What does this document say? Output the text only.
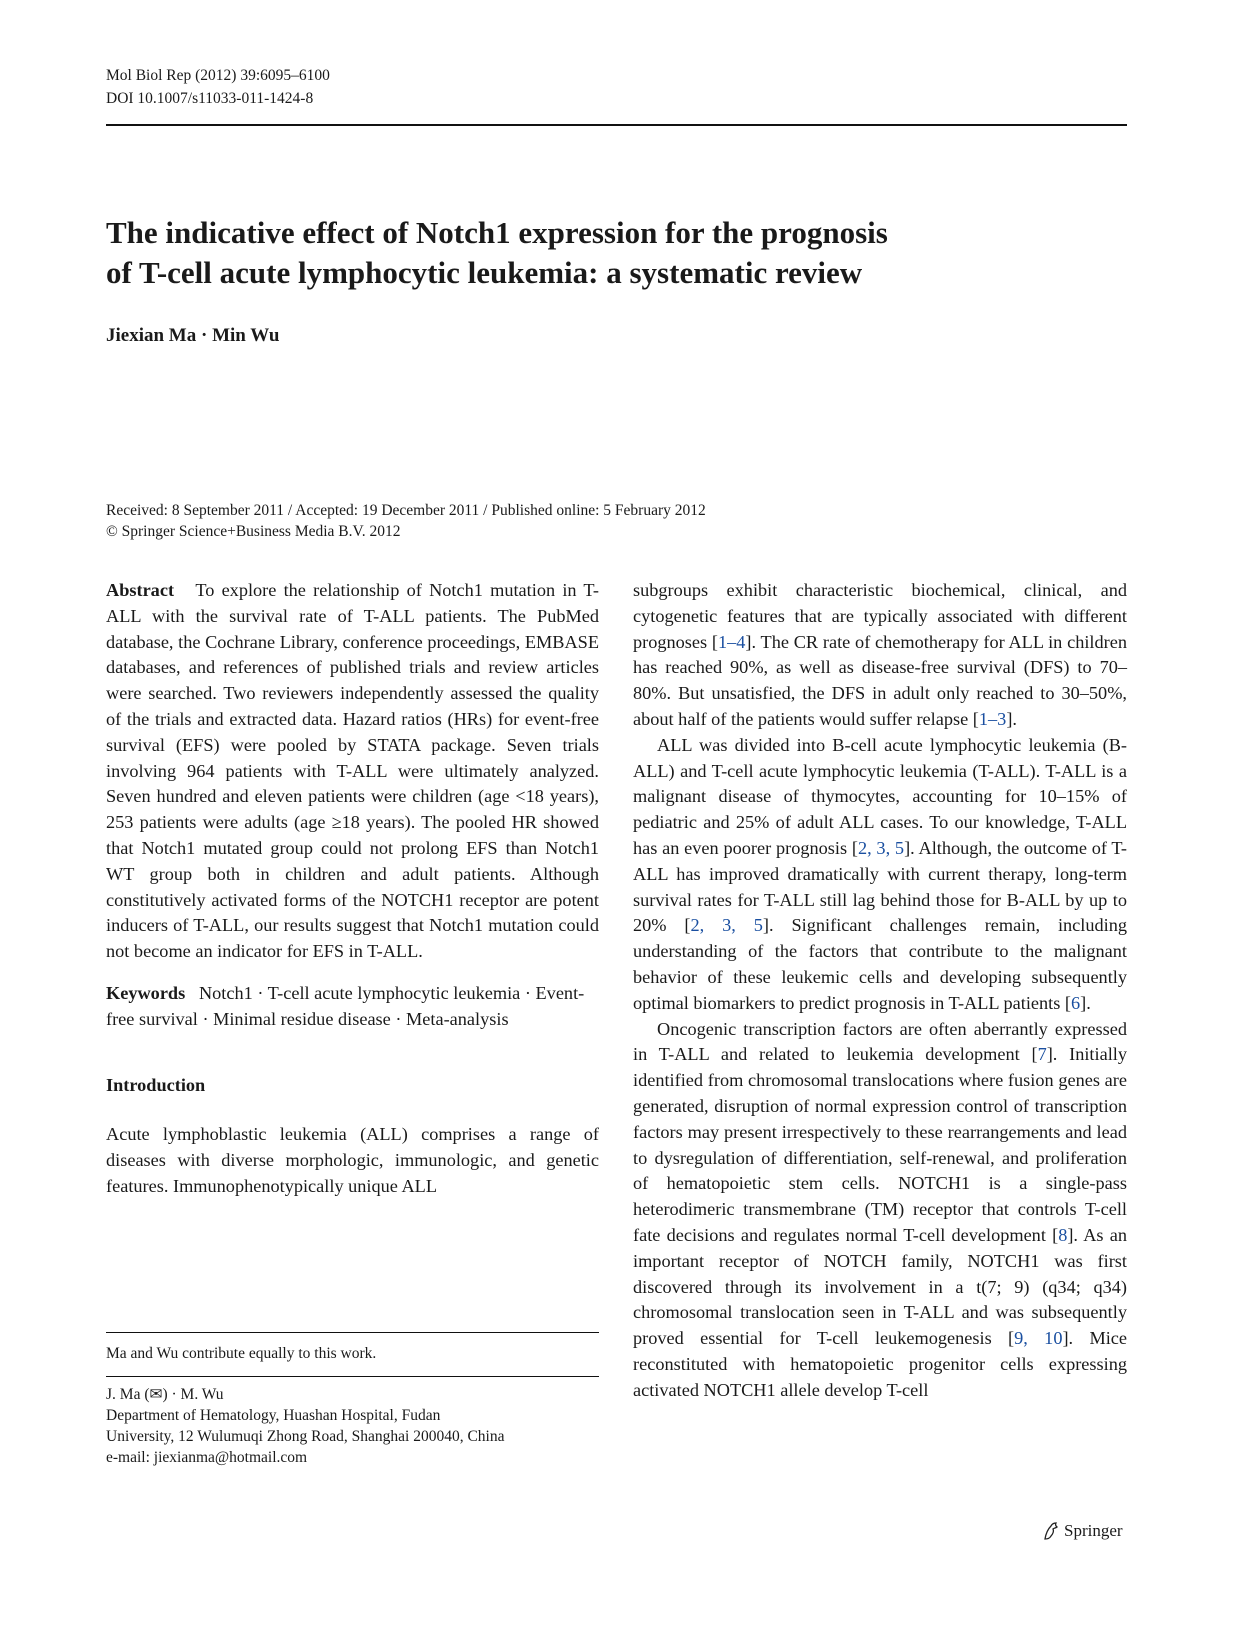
Mol Biol Rep (2012) 39:6095–6100
DOI 10.1007/s11033-011-1424-8
The indicative effect of Notch1 expression for the prognosis
of T-cell acute lymphocytic leukemia: a systematic review
Jiexian Ma · Min Wu
Received: 8 September 2011 / Accepted: 19 December 2011 / Published online: 5 February 2012
© Springer Science+Business Media B.V. 2012

Abstract To explore the relationship of Notch1 mutation in T-ALL with the survival rate of T-ALL patients. The PubMed database, the Cochrane Library, conference proceedings, EMBASE databases, and references of published trials and review articles were searched. Two reviewers independently assessed the quality of the trials and extracted data. Hazard ratios (HRs) for event-free survival (EFS) were pooled by STATA package. Seven trials involving 964 patients with T-ALL were ultimately analyzed. Seven hundred and eleven patients were children (age <18 years), 253 patients were adults (age ≥18 years). The pooled HR showed that Notch1 mutated group could not prolong EFS than Notch1 WT group both in children and adult patients. Although constitutively activated forms of the NOTCH1 receptor are potent inducers of T-ALL, our results suggest that Notch1 mutation could not become an indicator for EFS in T-ALL.

Keywords Notch1 · T-cell acute lymphocytic leukemia · Event-free survival · Minimal residue disease · Meta-analysis

Introduction

Acute lymphoblastic leukemia (ALL) comprises a range of diseases with diverse morphologic, immunologic, and genetic features. Immunophenotypically unique ALL

Ma and Wu contribute equally to this work.
J. Ma (✉) · M. Wu
Department of Hematology, Huashan Hospital, Fudan
University, 12 Wulumuqi Zhong Road, Shanghai 200040, China
e-mail: jiexianma@hotmail.com

subgroups exhibit characteristic biochemical, clinical, and cytogenetic features that are typically associated with different prognoses [1–4]. The CR rate of chemotherapy for ALL in children has reached 90%, as well as disease-free survival (DFS) to 70–80%. But unsatisfied, the DFS in adult only reached to 30–50%, about half of the patients would suffer relapse [1–3].

ALL was divided into B-cell acute lymphocytic leukemia (B-ALL) and T-cell acute lymphocytic leukemia (T-ALL). T-ALL is a malignant disease of thymocytes, accounting for 10–15% of pediatric and 25% of adult ALL cases. To our knowledge, T-ALL has an even poorer prognosis [2, 3, 5]. Although, the outcome of T-ALL has improved dramatically with current therapy, long-term survival rates for T-ALL still lag behind those for B-ALL by up to 20% [2, 3, 5]. Significant challenges remain, including understanding of the factors that contribute to the malignant behavior of these leukemic cells and developing subsequently optimal biomarkers to predict prognosis in T-ALL patients [6].

Oncogenic transcription factors are often aberrantly expressed in T-ALL and related to leukemia development [7]. Initially identified from chromosomal translocations where fusion genes are generated, disruption of normal expression control of transcription factors may present irrespectively to these rearrangements and lead to dysregulation of differentiation, self-renewal, and proliferation of hematopoietic stem cells. NOTCH1 is a single-pass heterodimeric transmembrane (TM) receptor that controls T-cell fate decisions and regulates normal T-cell development [8]. As an important receptor of NOTCH family, NOTCH1 was first discovered through its involvement in a t(7; 9) (q34; q34) chromosomal translocation seen in T-ALL and was subsequently proved essential for T-cell leukemogenesis [9, 10]. Mice reconstituted with hematopoietic progenitor cells expressing activated NOTCH1 allele develop T-cell

Springer
